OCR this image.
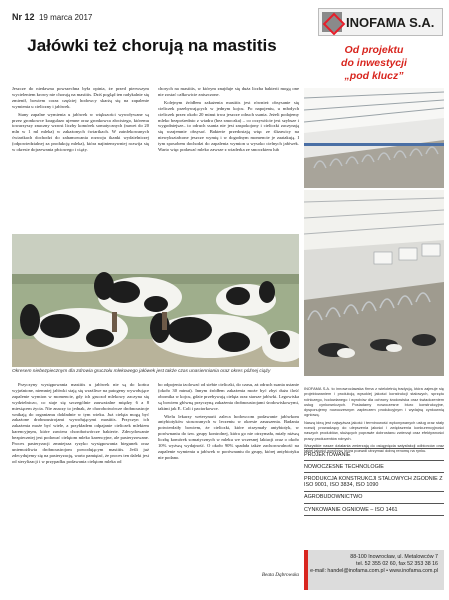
Nr 12 19 marca 2017
Jałówki też chorują na mastitis

Jeszcze do niedawna powszechna była opinia, że przed pierwszym wycieleniem krowy nie chorują na mastitis. Dziś pogląd ten radykalnie się zmienił, bowiem coraz częściej hodowcy skarżą się na zapalenie wymienia u cieliczny i jałówek.

Stany zapalne wymienia u jałówek w większości wywoływane są przez gronkowce koagulazo ujemne oraz gronkowca złocistego, któremu towarzyszy znaczny wzrost liczby komórek somatycznych (nawet do 20 mln w 1 ml mleka) w zakażonych ćwiartkach. W zainfekowanych ćwiartkach dochodzi do zahamowania rozwoju tkanki wydzielniczej (odpowiedzialnej za produkcję mleka), która najintensywniej rozwija się w okresie dojrzewania płciowego i ciąży.

chorych na mastitis, w którym znajduje się duża liczba bakterii mogą one nie zostać całkowicie zniszczone.

Kolejnym źródłem zakażenia mastitis jest również obsysanie się cieliczek przebywających w jednym kojcu. Po napojeniu, u młodych cieliczek przez około 20 minut trwa jeszcze odruch ssania. Jeżeli podajemy mleko bezpośrednio z wiadra (bez smoczka) – co oczywiście jest szybsze i wygodniejsze– to odruch ssania nie jest zaspokojony i cieliczki zaczynają się wzajemnie obsysać. Bakterie przedostają więc ze ślizawicy na niewykształcone jeszcze wymię i w dogodnym momencie je zaatakują. I tym sposobem dochodzi do zapalenia wymion u wysoko cielnych jałówek. Warto więc podawać mleko zawsze z wiaderka ze smoczkiem lub

Okresem niebezpiecznym dla zdrowia gruczołu mlekowego jałówek jest także czas unasienniania oraz okres późnej ciąży

Przyczyny występowania mastitis u jałówek nie są do końca wyjaśnione, niemniej jałówki stają się wrażliwe na patogeny wywołujące zapalenie wymion w momencie, gdy ich gruczoł mlekowy zaczyna się wydzielniczo, co staje się szczególnie zauważalne między 6 a 8 miesiącem życia. Nie znaczy to jednak, że chorobotwórcze drobnoustroje wnikają do organizmu dokładnie w tym wieku. Już cielęta mogą być zakażone drobnoustrojami wywołującymi mastitis. Przyczyn ich zakażenia może być wiele, a przykładem odpajanie cieliczek mlekiem karencyjnym, które zawiera chorobotwórcze bakterie. Zdecydowanie bezpieczniej jest podawać cielętom mleko karencyjne, ale pasteryzowane. Proces pasteryzacji zmniejsza ryzyko występowania biegunek oraz uniemożliwia drobnoustrojom powodującym mastitis. Jeśli już zdecydujemy się na pasteryzację, warto pamiętać, że proces ten daleki jest od sterylizacji i w przypadku podawania cielętom mleka od

bo odpojenia izolować od siebie cieliczki, do czasu, aż odruch ssania ustanie (około 30 minut). Innym źródłem zakażenia może być zbyt duża ilość obornika w kojcu, gdzie przebywają cielęta oraz starsze jałówki. Legowiska są bowiem główną przyczyną zakażenia drobnoustrojami środowiskowymi, takimi jak E. Coli i paciorkowce.

Wielu lekarzy weterynarii zaleca hodowcom podawanie jałówkom antybiotyków stosowanych w leczeniu w okresie zasuszenia. Badania potwierdziły bowiem, że cieliczki, które otrzymały antybiotyk, w porównaniu do tzw. grupy kontrolnej, która go nie otrzymała, miały niższą liczbę komórek somatycznych w mleku we wczesnej laktacji oraz o około 10% wyższą wydajność. O około 90% spadała także zachorowalność na zapalenie wymienia u jałówek w porównaniu do grupy, której antybiotyku nie podano.

Beata Dąbrowska
INOFAMA S.A.
Od projektu
do inwestycji
„pod klucz”

INOFAMA S.A. to innowroclawska firma z wieloletnią tradycją, która zajmuje się projektowaniem i produkcją wysokiej jakości konstrukcji stalowych, sprzętu rolniczego, hodowlanego i wyrobów dla ochrony środowiska oraz świadczeniem usług cynkowniczych. Posiadamy nowoczesne biuro konstrukcyjne, dysponujemy nowoczesnym zapleczem produkcyjnym i wydajną cynkownią ogniową.

Naszą ideą jest najwyższa jakość i terminowość wykonywanych usług oraz stały rozwój prowadzący do ulepszenia jakości i zwiększenia konkurencyjności naszych produktów, służących poprawie dobrostanu zwierząt oraz efektywności pracy producentów rolnych.

Wszystkie nasze działania zmierzają do osiągnięcia satysfakcji odbiorców oraz takiej jakości wyrobów, która pozwoli utrzymać dobrą renomę na rynku.

PROJEKTOWANIE
NOWOCZESNE TECHNOLOGIE
PRODUKCJA KONSTRUKCJI STALOWYCH ZGODNIE Z ISO 9001, ISO 3834, ISO 1090
AGROBUDOWNICTWO
CYNKOWANIE OGNIOWE – ISO 1461
88-100 Inowrocław, ul. Metalowców 7
tel. 52 355 02 60, fax 52 353 38 16
e-mail: handel@inofama.com.pl • www.inofama.com.pl
